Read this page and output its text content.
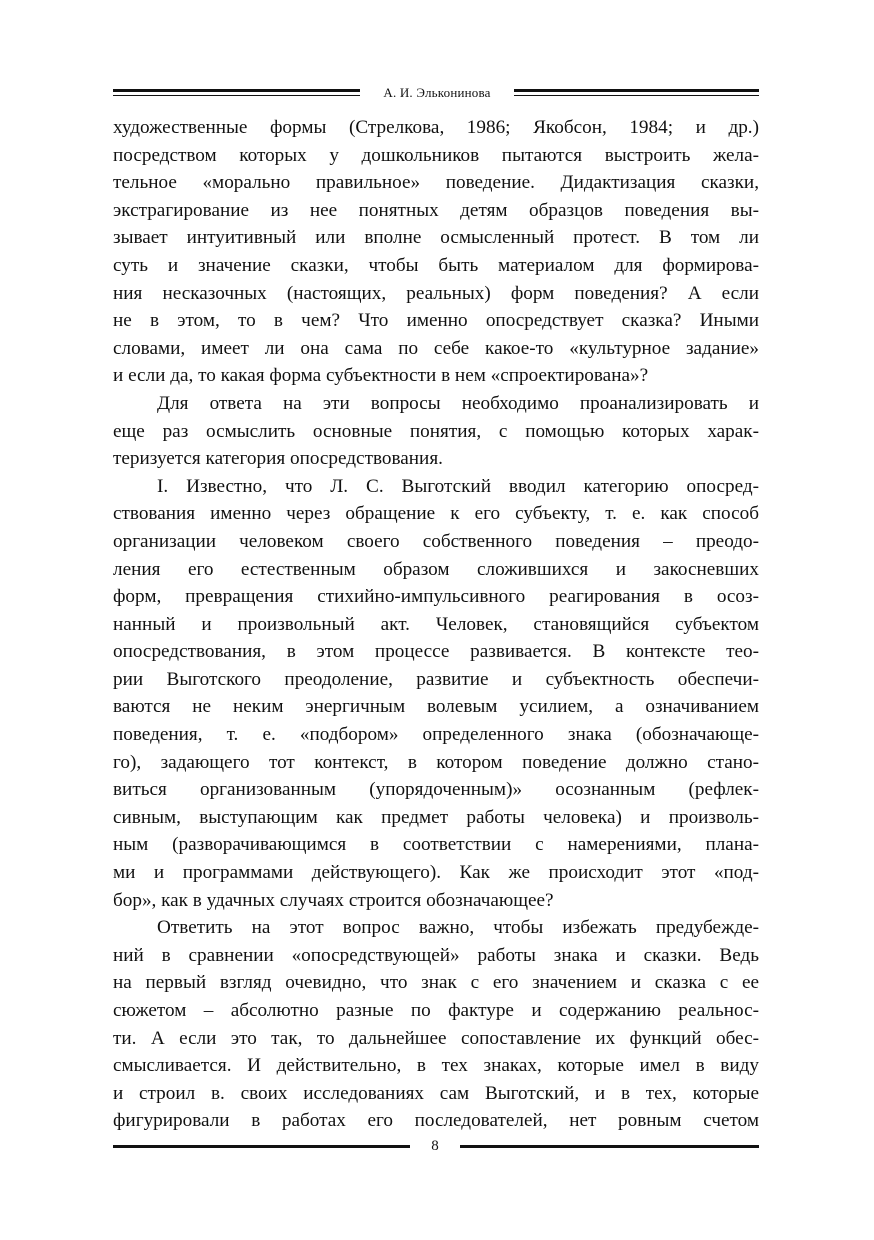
А. И. Эльконинова
художественные формы (Стрелкова, 1986; Якобсон, 1984; и др.)
посредством которых у дошкольников пытаются выстроить жела-
тельное «морально правильное» поведение. Дидактизация сказки,
экстрагирование из нее понятных детям образцов поведения вы-
зывает интуитивный или вполне осмысленный протест. В том ли
суть и значение сказки, чтобы быть материалом для формирова-
ния несказочных (настоящих, реальных) форм поведения? А если
не в этом, то в чем? Что именно опосредствует сказка? Иными
словами, имеет ли она сама по себе какое-то «культурное задание»
и если да, то какая форма субъектности в нем «спроектирована»?
Для ответа на эти вопросы необходимо проанализировать и
еще раз осмыслить основные понятия, с помощью которых харак-
теризуется категория опосредствования.
I. Известно, что Л. С. Выготский вводил категорию опосред-
ствования именно через обращение к его субъекту, т. е. как способ
организации человеком своего собственного поведения – преодо-
ления его естественным образом сложившихся и закосневших
форм, превращения стихийно-импульсивного реагирования в осоз-
нанный и произвольный акт. Человек, становящийся субъектом
опосредствования, в этом процессе развивается. В контексте тео-
рии Выготского преодоление, развитие и субъектность обеспечи-
ваются не неким энергичным волевым усилием, а означиванием
поведения, т. е. «подбором» определенного знака (обозначающе-
го), задающего тот контекст, в котором поведение должно стано-
виться организованным (упорядоченным)» осознанным (рефлек-
сивным, выступающим как предмет работы человека) и произволь-
ным (разворачивающимся в соответствии с намерениями, плана-
ми и программами действующего). Как же происходит этот «под-
бор», как в удачных случаях строится обозначающее?
Ответить на этот вопрос важно, чтобы избежать предубежде-
ний в сравнении «опосредствующей» работы знака и сказки. Ведь
на первый взгляд очевидно, что знак с его значением и сказка с ее
сюжетом – абсолютно разные по фактуре и содержанию реальнос-
ти. А если это так, то дальнейшее сопоставление их функций обес-
смысливается. И действительно, в тех знаках, которые имел в виду
и строил в. своих исследованиях сам Выготский, и в тех, которые
фигурировали в работах его последователей, нет ровным счетом
8
